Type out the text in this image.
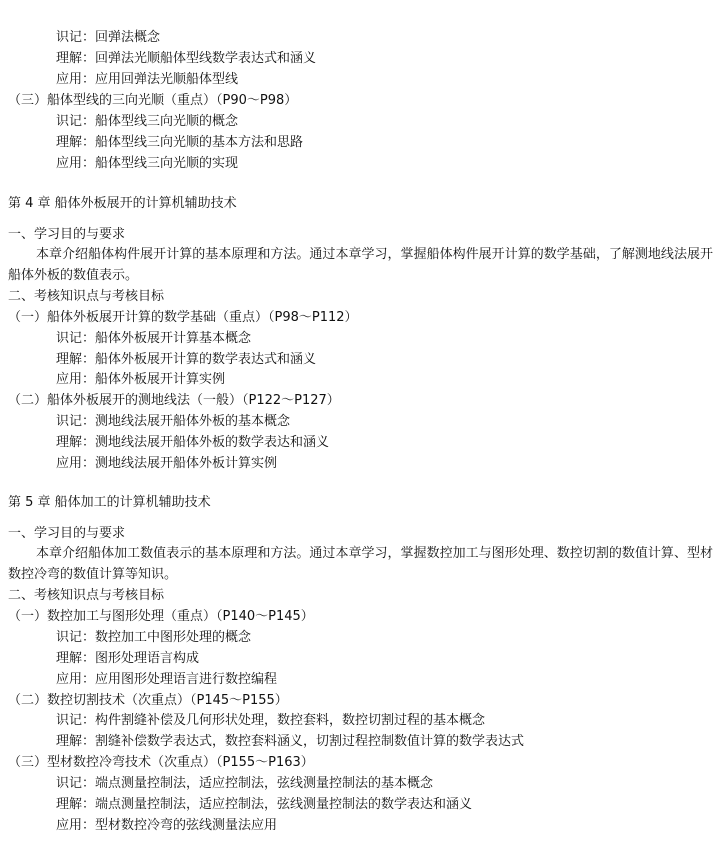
识记：回弹法概念
理解：回弹法光顺船体型线数学表达式和涵义
应用：应用回弹法光顺船体型线
（三）船体型线的三向光顺（重点）（P90～P98）
识记：船体型线三向光顺的概念
理解：船体型线三向光顺的基本方法和思路
应用：船体型线三向光顺的实现
第 4 章 船体外板展开的计算机辅助技术
一、学习目的与要求
本章介绍船体构件展开计算的基本原理和方法。通过本章学习，掌握船体构件展开计算的数学基础，了解测地线法展开船体外板的数值表示。
二、考核知识点与考核目标
（一）船体外板展开计算的数学基础（重点）（P98～P112）
识记：船体外板展开计算基本概念
理解：船体外板展开计算的数学表达式和涵义
应用：船体外板展开计算实例
（二）船体外板展开的测地线法（一般）（P122～P127）
识记：测地线法展开船体外板的基本概念
理解：测地线法展开船体外板的数学表达和涵义
应用：测地线法展开船体外板计算实例
第 5 章 船体加工的计算机辅助技术
一、学习目的与要求
本章介绍船体加工数值表示的基本原理和方法。通过本章学习，掌握数控加工与图形处理、数控切割的数值计算、型材数控冷弯的数值计算等知识。
二、考核知识点与考核目标
（一）数控加工与图形处理（重点）（P140～P145）
识记：数控加工中图形处理的概念
理解：图形处理语言构成
应用：应用图形处理语言进行数控编程
（二）数控切割技术（次重点）（P145～P155）
识记：构件割缝补偿及几何形状处理，数控套料，数控切割过程的基本概念
理解：割缝补偿数学表达式，数控套料涵义，切割过程控制数值计算的数学表达式
（三）型材数控冷弯技术（次重点）（P155～P163）
识记：端点测量控制法，适应控制法，弦线测量控制法的基本概念
理解：端点测量控制法，适应控制法，弦线测量控制法的数学表达和涵义
应用：型材数控冷弯的弦线测量法应用
